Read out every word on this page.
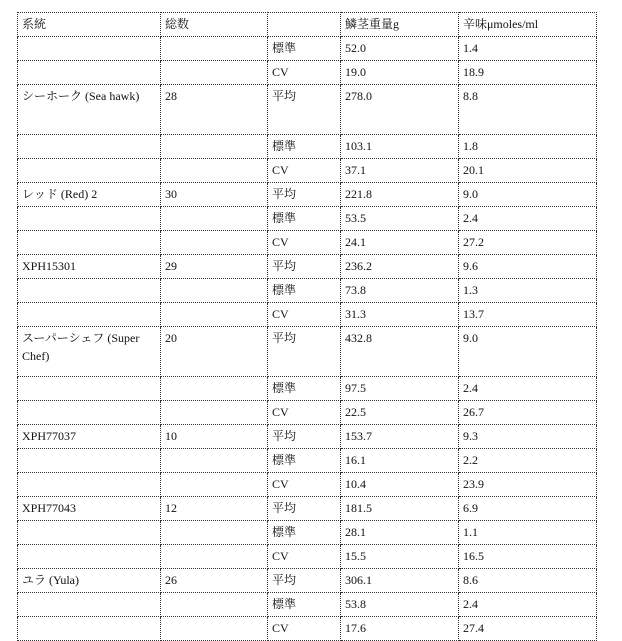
系統	総数		鱗茎重量g	辛味μmoles/ml
		標準	52.0	1.4
		CV	19.0	18.9
シーホーク (Sea hawk)	28	平均	278.0	8.8
		標準	103.1	1.8
		CV	37.1	20.1
レッド (Red) 2	30	平均	221.8	9.0
		標準	53.5	2.4
		CV	24.1	27.2
XPH15301	29	平均	236.2	9.6
		標準	73.8	1.3
		CV	31.3	13.7
スーパーシェフ (Super Chef)	20	平均	432.8	9.0
		標準	97.5	2.4
		CV	22.5	26.7
XPH77037	10	平均	153.7	9.3
		標準	16.1	2.2
		CV	10.4	23.9
XPH77043	12	平均	181.5	6.9
		標準	28.1	1.1
		CV	15.5	16.5
ユラ (Yula)	26	平均	306.1	8.6
		標準	53.8	2.4
		CV	17.6	27.4
